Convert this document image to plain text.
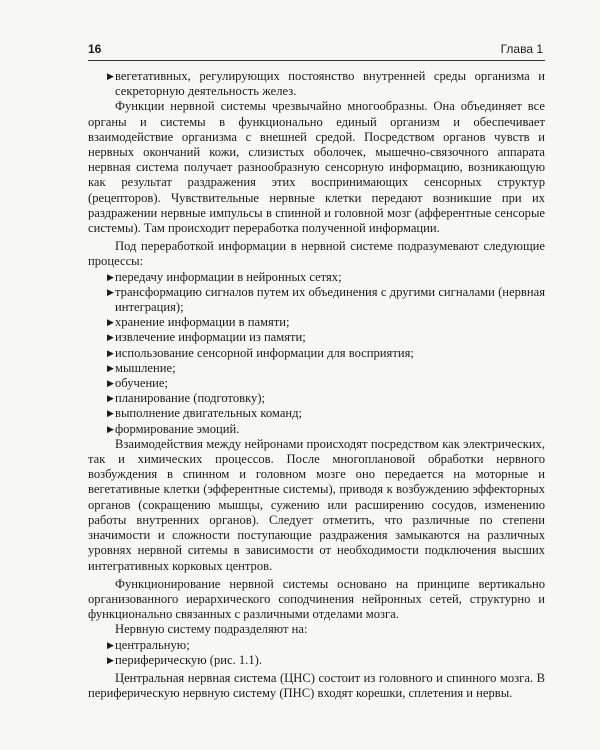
16	Глава 1
▶ вегетативных, регулирующих постоянство внутренней среды организма и секреторную деятельность желез.

Функции нервной системы чрезвычайно многообразны. Она объединяет все органы и системы в функционально единый организм и обеспечивает взаимодействие организма с внешней средой. Посредством органов чувств и нервных окончаний кожи, слизистых оболочек, мышечно-связочного аппарата нервная система получает разнообразную сенсорную информацию, возникающую как результат раздражения этих воспринимающих сенсорных структур (рецепторов). Чувствительные нервные клетки передают возникшие при их раздражении нервные импульсы в спинной и головной мозг (афферентные сенсорые системы). Там происходит переработка полученной информации.

Под переработкой информации в нервной системе подразумевают следующие процессы:

▶ передачу информации в нейронных сетях;
▶ трансформацию сигналов путем их объединения с другими сигналами (нервная интеграция);
▶ хранение информации в памяти;
▶ извлечение информации из памяти;
▶ использование сенсорной информации для восприятия;
▶ мышление;
▶ обучение;
▶ планирование (подготовку);
▶ выполнение двигательных команд;
▶ формирование эмоций.

Взаимодействия между нейронами происходят посредством как электрических, так и химических процессов. После многоплановой обработки нервного возбуждения в спинном и головном мозге оно передается на моторные и вегетативные клетки (эфферентные системы), приводя к возбуждению эффекторных органов (сокращению мышцы, сужению или расширению сосудов, изменению работы внутренних органов). Следует отметить, что различные по степени значимости и сложности поступающие раздражения замыкаются на различных уровнях нервной ситемы в зависимости от необходимости подключения высших интегративных корковых центров.

Функционирование нервной системы основано на принципе вертикально организованного иерархического соподчинения нейронных сетей, структурно и функционально связанных с различными отделами мозга.

Нервную систему подразделяют на:

▶ центральную;
▶ периферическую (рис. 1.1).

Центральная нервная система (ЦНС) состоит из головного и спинного мозга. В периферическую нервную систему (ПНС) входят корешки, сплетения и нервы.
